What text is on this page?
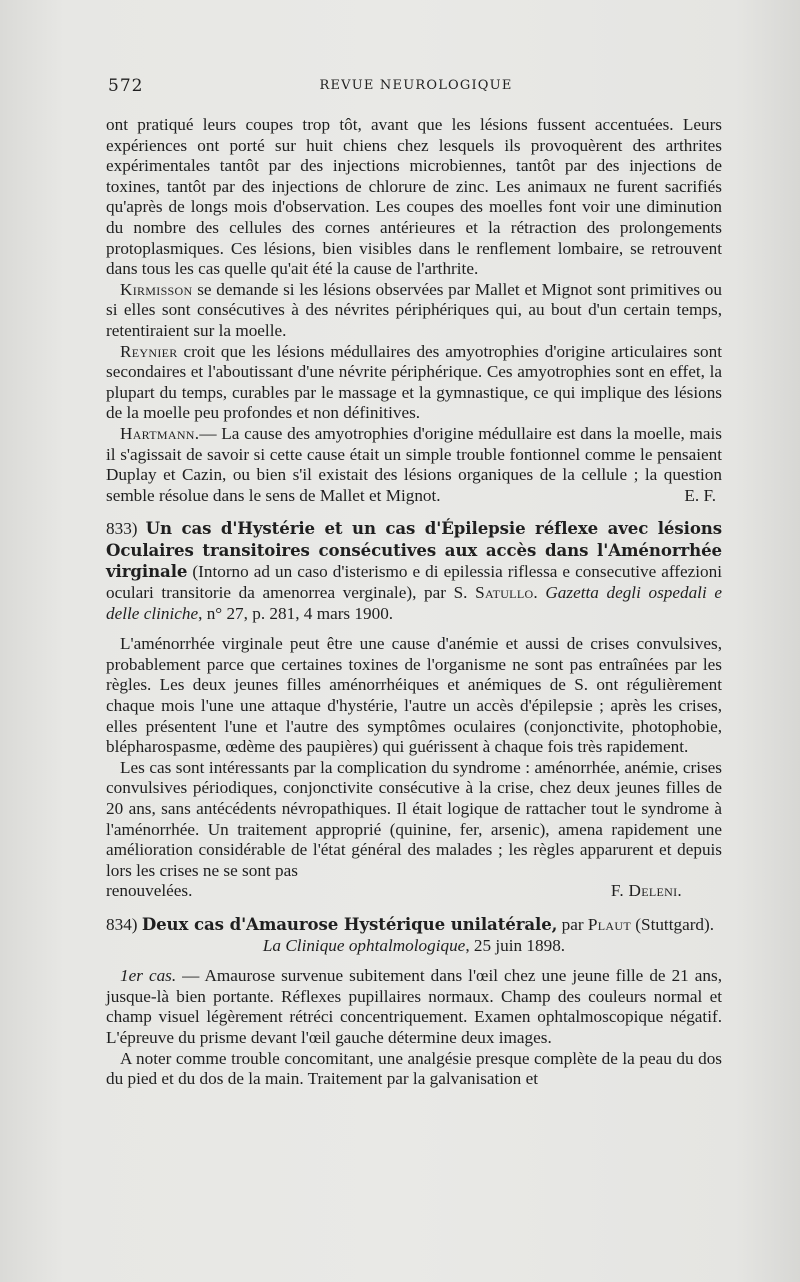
572	REVUE NEUROLOGIQUE

ont pratiqué leurs coupes trop tôt, avant que les lésions fussent accentuées. Leurs expériences ont porté sur huit chiens chez lesquels ils provoquèrent des arthrites expérimentales tantôt par des injections microbiennes, tantôt par des injections de toxines, tantôt par des injections de chlorure de zinc. Les animaux ne furent sacrifiés qu'après de longs mois d'observation. Les coupes des moelles font voir une diminution du nombre des cellules des cornes antérieures et la rétraction des prolongements protoplasmiques. Ces lésions, bien visibles dans le renflement lombaire, se retrouvent dans tous les cas quelle qu'ait été la cause de l'arthrite.

Kirmisson se demande si les lésions observées par Mallet et Mignot sont primitives ou si elles sont consécutives à des névrites périphériques qui, au bout d'un certain temps, retentiraient sur la moelle.

Reynier croit que les lésions médullaires des amyotrophies d'origine articulaires sont secondaires et l'aboutissant d'une névrite périphérique. Ces amyotrophies sont en effet, la plupart du temps, curables par le massage et la gymnastique, ce qui implique des lésions de la moelle peu profondes et non définitives.

Hartmann.— La cause des amyotrophies d'origine médullaire est dans la moelle, mais il s'agissait de savoir si cette cause était un simple trouble fontionnel comme le pensaient Duplay et Cazin, ou bien s'il existait des lésions organiques de la cellule ; la question semble résolue dans le sens de Mallet et Mignot.	E. F.

833) Un cas d'Hystérie et un cas d'Épilepsie réflexe avec lésions Oculaires transitoires consécutives aux accès dans l'Aménorrhée virginale (Intorno ad un caso d'isterismo e di epilessia riflessa e consecutive affezioni oculari transitorie da amenorrea verginale), par S. Satullo. Gazetta degli ospedali e delle cliniche, n° 27, p. 281, 4 mars 1900.

L'aménorrhée virginale peut être une cause d'anémie et aussi de crises convulsives, probablement parce que certaines toxines de l'organisme ne sont pas entraînées par les règles. Les deux jeunes filles aménorrhéiques et anémiques de S. ont régulièrement chaque mois l'une une attaque d'hystérie, l'autre un accès d'épilepsie ; après les crises, elles présentent l'une et l'autre des symptômes oculaires (conjonctivite, photophobie, blépharospasme, œdème des paupières) qui guérissent à chaque fois très rapidement.

Les cas sont intéressants par la complication du syndrome : aménorrhée, anémie, crises convulsives périodiques, conjonctivite consécutive à la crise, chez deux jeunes filles de 20 ans, sans antécédents névropathiques. Il était logique de rattacher tout le syndrome à l'aménorrhée. Un traitement approprié (quinine, fer, arsenic), amena rapidement une amélioration considérable de l'état général des malades ; les règles apparurent et depuis lors les crises ne se sont pas

renouvelées.	F. Deleni.

834) Deux cas d'Amaurose Hystérique unilatérale, par Plaut (Stuttgard).

La Clinique ophtalmologique, 25 juin 1898.

1er cas. — Amaurose survenue subitement dans l'œil chez une jeune fille de 21 ans, jusque-là bien portante. Réflexes pupillaires normaux. Champ des couleurs normal et champ visuel légèrement rétréci concentriquement. Examen ophtalmoscopique négatif. L'épreuve du prisme devant l'œil gauche détermine deux images.

A noter comme trouble concomitant, une analgésie presque complète de la peau du dos du pied et du dos de la main. Traitement par la galvanisation et
